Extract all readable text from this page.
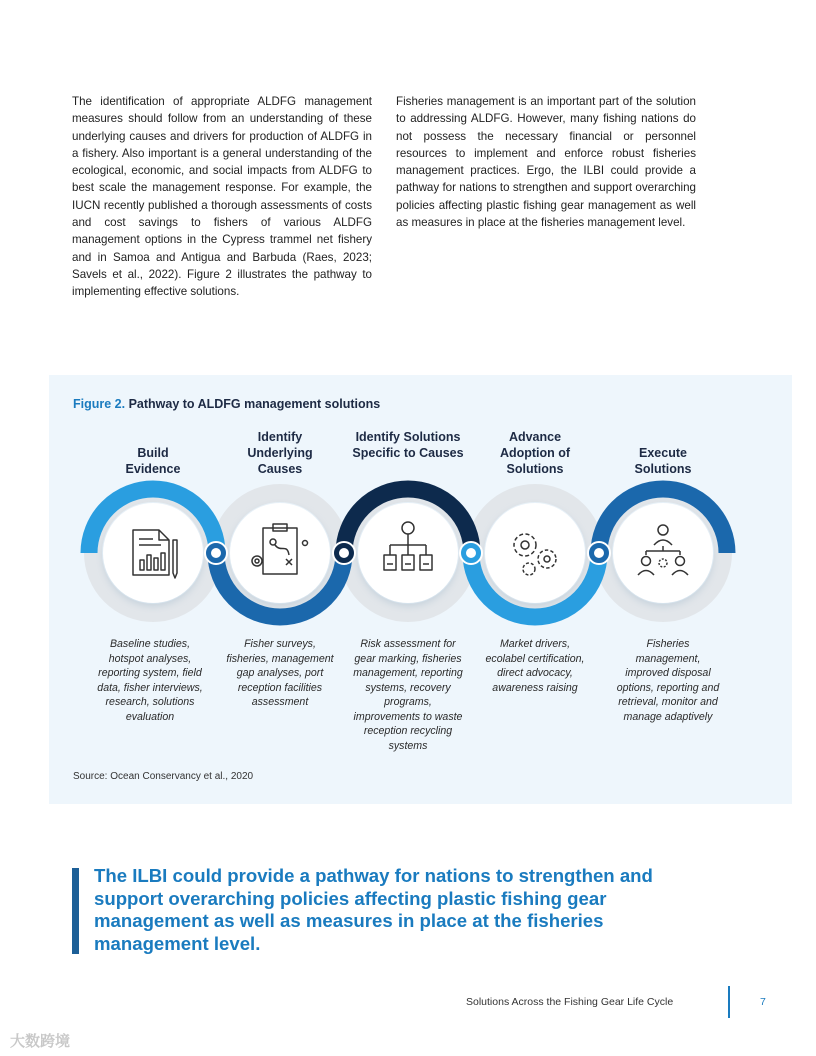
The identification of appropriate ALDFG management measures should follow from an understanding of these underlying causes and drivers for production of ALDFG in a fishery. Also important is a general understanding of the ecological, economic, and social impacts from ALDFG to best scale the management response. For example, the IUCN recently published a thorough assessments of costs and cost savings to fishers of various ALDFG management options in the Cypress trammel net fishery and in Samoa and Antigua and Barbuda (Raes, 2023; Savels et al., 2022). Figure 2 illustrates the pathway to implementing effective solutions.

Fisheries management is an important part of the solution to addressing ALDFG. However, many fishing nations do not possess the necessary financial or personnel resources to implement and enforce robust fisheries management practices. Ergo, the ILBI could provide a pathway for nations to strengthen and support overarching policies affecting plastic fishing gear management as well as measures in place at the fisheries management level.

Figure 2. Pathway to ALDFG management solutions
Build Evidence
Identify Underlying Causes
Identify Solutions Specific to Causes
Advance Adoption of Solutions
Execute Solutions
Baseline studies, hotspot analyses, reporting system, field data, fisher interviews, research, solutions evaluation
Fisher surveys, fisheries, management gap analyses, port reception facilities assessment
Risk assessment for gear marking, fisheries management, reporting systems, recovery programs, improvements to waste reception recycling systems
Market drivers, ecolabel certification, direct advocacy, awareness raising
Fisheries management, improved disposal options, reporting and retrieval, monitor and manage adaptively
Source: Ocean Conservancy et al., 2020

The ILBI could provide a pathway for nations to strengthen and support overarching policies affecting plastic fishing gear management as well as measures in place at the fisheries management level.

Solutions Across the Fishing Gear Life Cycle	7
大数跨境
